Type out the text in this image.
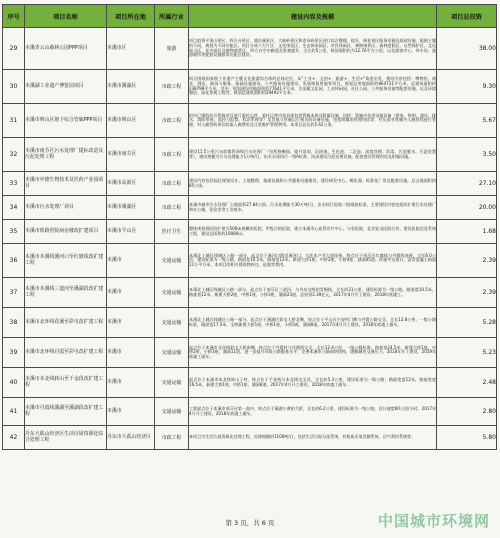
序号	项目名称	项目所在地	所属行业	建设内容及规模	项目总投资
29	本溪青云山森林公园PPP项目	本溪市区	旅游	项目拟将平顶山景区、四方台景区、浦东溪景区、大峪岭景区和老母岭景区进行综合整理、提升，修复景区服务设施及基础设施，根据主题的不同，规划为不同功能区。项目分成六大片区：文化体验区、生态休闲园区、市民休闲区、神修康养区、森林度假区、自然保护区。文化展示区、花卉园区及植物观赏区、四方台空中廊道及景观提升，全长约5公里，规划面积约为12.76平方公里。以及游客中心、停车场、旅游厕所等配套设施服务功能区建设。	38.00
30	本溪湖工业遗产博览园项目	本溪市溪湖区	市政工程	项目围绕国家级工业遗产主题文化旅游综合体的总体定位，从"工业+、文创+、旅游+、生活+"角度出发，建设内容包括：博物馆、商业、酒店、剧场与服务、基础设施建设、公共服务设施建设、发展规划用地等项目，规划总用地面积约864731平方米，总建筑面积约238798平方米，其中，规划建设用地面积约77641平方米，含金属文化园、工业休闲园、社区公园、公共服务设施等配套设施，以及环境整治、绿化景观工程等，规划总建筑面积约29492平方米。	9.30
31	本溪市明山区地下综合管廊PPP项目	本溪市明山区	市政工程	拟对已建的综合管廊项目进行委托运营，委托运营内容具体包括管廊本体及附属设施，包括：管廊内各类设施设备（供电、照明、通风、排水、消防系统、监控与报警、标识系统等）及其他与管廊运行相关的设备设施，包括附属的管理用房等，并负责对管廊内入廊管线进行管理，对入廊管线单位收取入廊费用及日常维护管理费用。本项目总长约5.62公里。	5.67
32	本溪市南芬区污水处理厂提标改造及污泥处理工程	本溪市南芬区	市政工程	建设11.5公里污水收集管网和污水处理厂（包括格栅间、提升泵房、沉砂池、生化池、二沉池、深度处理、消毒、污泥脱水、污泥处置等），建设规模为污水处理能力1万吨/日，出水水质执行一级A标准；同步建设污泥处理设施，配套建设管理用房及附属设施。	3.50
33	本溪市中德生物技术及医药产业园项目	本溪市高新区	市政工程	建设内容包括园区规划设计、土地整理、基础设施和公共服务设施建设，建设研发中心、孵化器、标准化厂房及配套设施，总占地面积约85公顷。	27.10
34	本溪市污水处理厂项目	本溪市溪湖区	市政工程	本溪市城市污水处理厂占地面积27.84公顷，污水处理能力30万吨/日，出水执行国家二级排放标准，主要建设内容包括改扩建污水处理厂和办公楼、化验室等工业废水。	20.00
35	本溪市铁路医院病房楼改扩建项目	本溪市平山区	医疗卫生	整体规划将医院扩建为500床规模的医院，甲级合格医院，建立本溪市心血管诊疗中心，与省医院、北京安贞医院合作，建设医院信息系统工程，建设总面积约10080㎡。	1.68
36	本溪市本溪线溪河口至红旗线改扩建工程	本溪市	交通运输	本溪北上城区线城区公路一部分，起点位于溪河口附近溪河口，与沈本产业大道连接，终点位于南芬区红旗线与丹霞线连接，全长6.0公里。建设标准为一级公路，路面宽10.5米，路基宽12米。新建大桥1座，中桥2座，小桥4座，涵洞45道。改建平交道口，沥青混凝土路面11万平方米。本项目的相关建筑物拆迁、征地等费用。	2.39
37	本溪市本溪线三道河至溪湖段改扩建工程	本溪市	交通运输	本溪北上城区线城区公路一部分，起点位于南芬区三道河，与丹东交线的青铜线，全长约31公里，建设标准为一级公路，路面宽10.5米，路基宽12米。新建大桥2座，中桥1座，小桥3座，涵洞23道。总投资2.39亿元，2017年4月开工建设，2018年底竣工。	2.39
38	本溪市北环线花溪至彩屯改扩建工程	本溪市	交通运输	本溪北上城区线城区公路一部分，起点位于溪湖区彩屯大桥北侧，终点位于平山区兴安村门牌与丹霞公路交叉，全长12.8公里，一级公路标准，路面宽17.5米，全线新建大桥1座，中桥1座，小桥5座，涵洞8道。2017年4月开工建设，2018年底竣工通车。	5.28
39	本溪市北环线丹霞至彩屯改扩建工程	本溪市	交通运输	起点位于本溪市北环线彩屯大桥南侧，终点位于丹霞村与丹霞线交叉，全长12.4公里，一级公路标准，路基宽24.5米，新建大桥1座，中桥2座，小桥3座，涵洞11道。进一步提升环线公路服务水平，完善本溪市公路网络结构，缓解城市交通压力，2018年开工建设，2019年底竣工通车。	5.23
40	本溪市本北线转山至千金段改扩建工程	本溪市	交通运输	起点位于本溪市本北线转山子村，终点位于千金线与本北线交叉处，全长约5.3公里，建设标准为一级公路，路面宽度12米，路基宽度16.5米，新建大桥1座，中桥1座，涵洞8道。2017年4月开工建设，2018年底竣工通车。	2.48
41	本溪市丹霞线溪湖至溪湖段改扩建工程	本溪市	交通运输	工程起点位于本溪市南芬区第一高中，终点位于溪湖小黄柏大桥，全长约6.2公里，建设标准为一级公路，设计速度60公里/小时。2017年4月开工建设，2018年底竣工通车。	2.80
42	丹东大孤山经济区生活垃圾资源化综合处理工程	丹东市大孤山经济区	市政工程	本项目为生活垃圾资源化处理工程，处理规模约1100吨/日，包括生活垃圾分选系统、有机质厌氧发酵系统、沼气利用系统等。	5.80
第 3 页，共 6 页	中国城市环境网
